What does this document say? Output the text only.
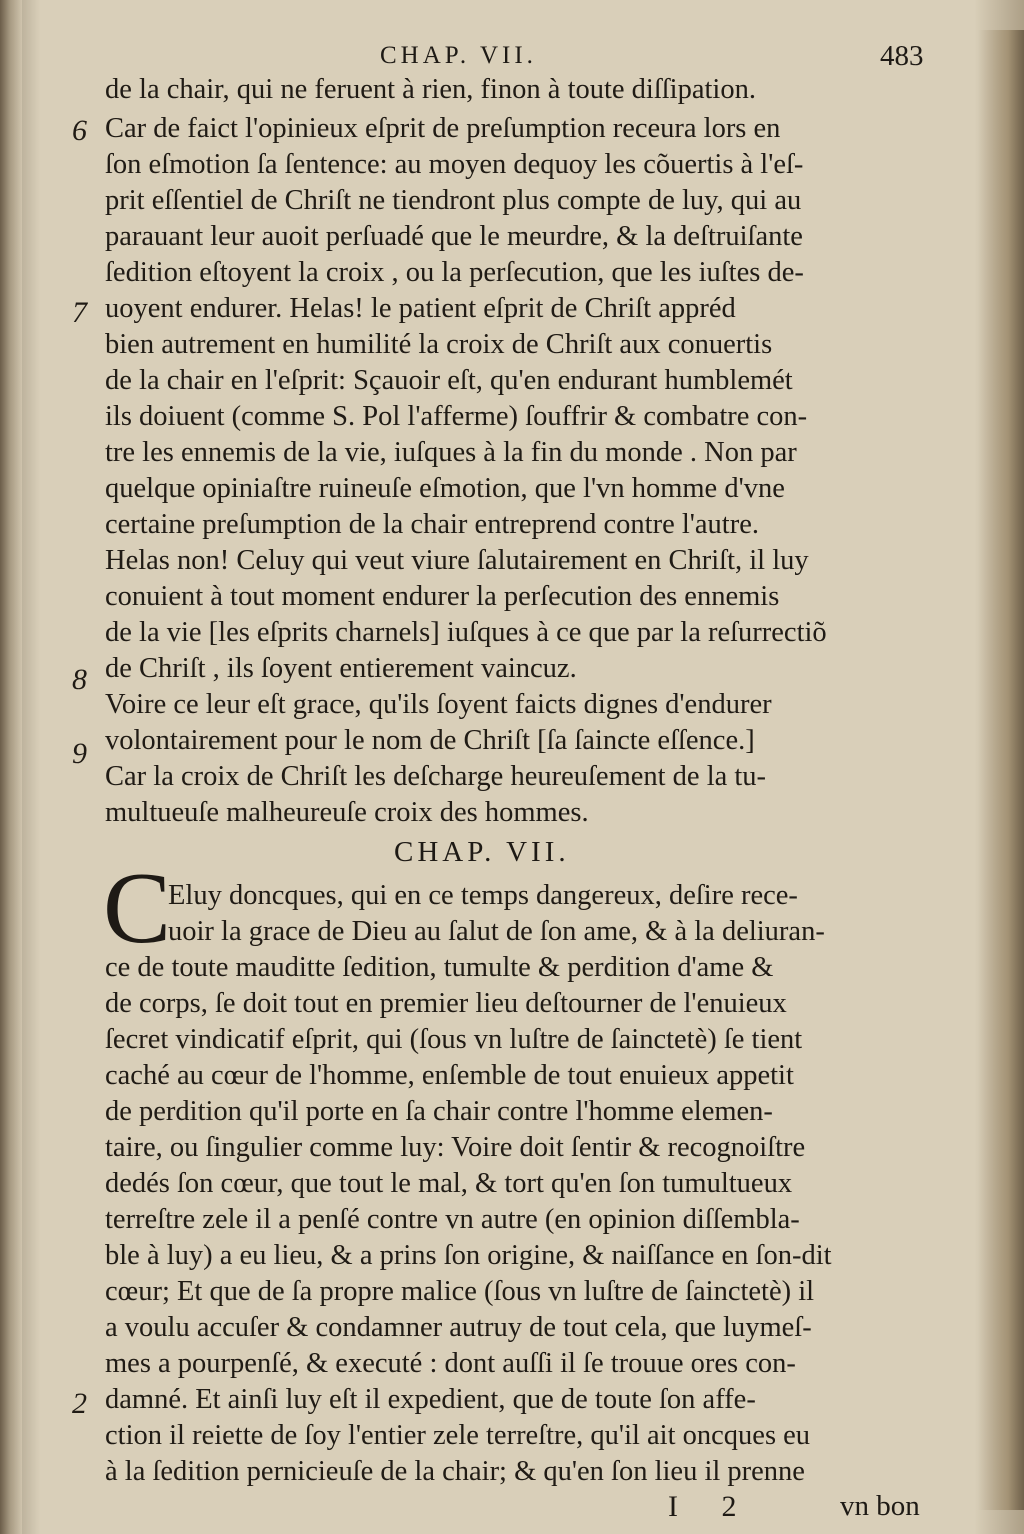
CHAP. VII.	483
de la chair, qui ne feruent à rien, finon à toute diſſipation.
Car de faict l'opinieux eſprit de preſumption receura lors en
ſon eſmotion ſa ſentence: au moyen dequoy les cõuertis à l'eſ-
prit eſſentiel de Chriſt ne tiendront plus compte de luy, qui au
parauant leur auoit perſuadé que le meurdre, & la deſtruiſante
ſedition eſtoyent la croix , ou la perſecution, que les iuſtes de-
uoyent endurer. Helas! le patient eſprit de Chriſt appréd
bien autrement en humilité la croix de Chriſt aux conuertis
de la chair en l'eſprit: Sçauoir eſt, qu'en endurant humblemét
ils doiuent (comme S. Pol l'afferme) ſouffrir & combatre con-
tre les ennemis de la vie, iuſques à la fin du monde . Non par
quelque opiniaſtre ruineuſe eſmotion, que l'vn homme d'vne
certaine preſumption de la chair entreprend contre l'autre.
Helas non! Celuy qui veut viure ſalutairement en Chriſt, il luy
conuient à tout moment endurer la perſecution des ennemis
de la vie [les eſprits charnels] iuſques à ce que par la reſurrectiõ
de Chriſt , ils ſoyent entierement vaincuz.
Voire ce leur eſt grace, qu'ils ſoyent faicts dignes d'endurer
volontairement pour le nom de Chriſt [ſa ſaincte eſſence.]
Car la croix de Chriſt les deſcharge heureuſement de la tu-
multueuſe malheureuſe croix des hommes.
6
7
8
9
CHAP. VII.
C
Eluy doncques, qui en ce temps dangereux, deſire rece-
uoir la grace de Dieu au ſalut de ſon ame, & à la deliuran-
ce de toute mauditte ſedition, tumulte & perdition d'ame &
de corps, ſe doit tout en premier lieu deſtourner de l'enuieux
ſecret vindicatif eſprit, qui (ſous vn luſtre de ſainctetè) ſe tient
caché au cœur de l'homme, enſemble de tout enuieux appetit
de perdition qu'il porte en ſa chair contre l'homme elemen-
taire, ou ſingulier comme luy: Voire doit ſentir & recognoiſtre
dedés ſon cœur, que tout le mal, & tort qu'en ſon tumultueux
terreſtre zele il a penſé contre vn autre (en opinion diſſembla-
ble à luy) a eu lieu, & a prins ſon origine, & naiſſance en ſon-dit
cœur; Et que de ſa propre malice (ſous vn luſtre de ſainctetè) il
a voulu accuſer & condamner autruy de tout cela, que luymeſ-
mes a pourpenſé, & executé : dont auſſi il ſe trouue ores con-
damné. Et ainſi luy eſt il expedient, que de toute ſon affe-
ction il reiette de ſoy l'entier zele terreſtre, qu'il ait oncques eu
à la ſedition pernicieuſe de la chair; & qu'en ſon lieu il prenne
2
I 2	vn bon
